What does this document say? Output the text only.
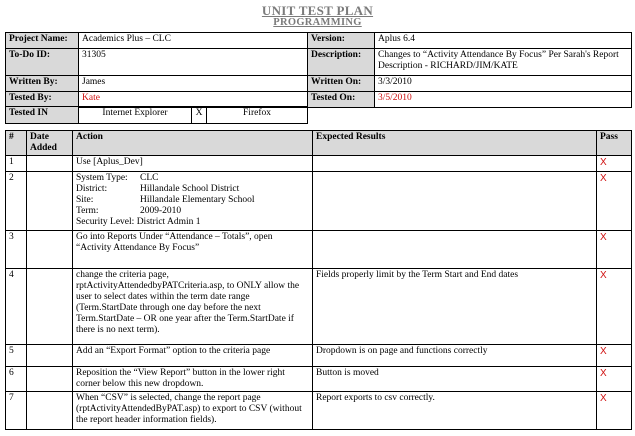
UNIT TEST PLAN
PROGRAMMING
Project Name:	Academics Plus – CLC	Version:	Aplus 6.4
To-Do ID:	31305	Description:	Changes to “Activity Attendance By Focus” Per Sarah's Report Description - RICHARD/JIM/KATE
Written By:	James	Written On:	3/3/2010
Tested By:	Kate	Tested On:	3/5/2010
Tested IN	Internet Explorer	X	Firefox	
#	Date Added	Action	Expected Results	Pass
1		Use [Aplus_Dev]		X
2		System Type: CLC
District: Hillandale School District
Site: Hillandale Elementary School
Term: 2009-2010
Security Level: District Admin 1		X
3		Go into Reports Under “Attendance – Totals”, open “Activity Attendance By Focus”		X
4		change the criteria page, rptActivityAttendedbyPATCriteria.asp, to ONLY allow the user to select dates within the term date range (Term.StartDate through one day before the next Term.StartDate – OR one year after the Term.StartDate if there is no next term).	Fields properly limit by the Term Start and End dates	X
5		Add an “Export Format” option to the criteria page	Dropdown is on page and functions correctly	X
6		Reposition the “View Report” button in the lower right corner below this new dropdown.	Button is moved	X
7		When “CSV” is selected, change the report page (rptActivityAttendedByPAT.asp) to export to CSV (without the report header information fields).	Report exports to csv correctly.	X
